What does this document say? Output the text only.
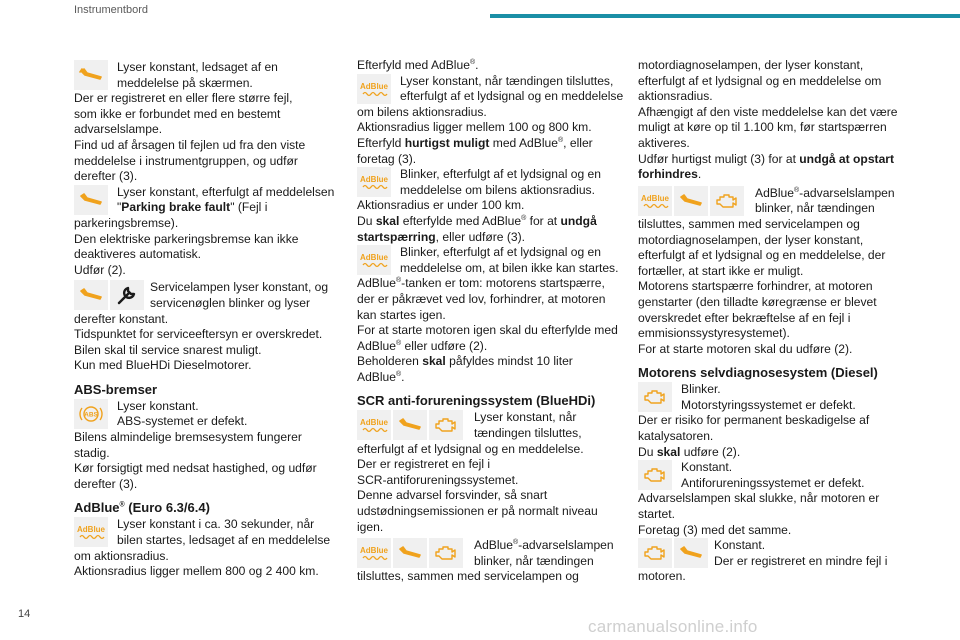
Instrumentbord
Lyser konstant, ledsaget af en
meddelelse på skærmen.
Der er registreret en eller flere større fejl,
som ikke er forbundet med en bestemt
advarselslampe.
Find ud af årsagen til fejlen ud fra den viste
meddelelse i instrumentgruppen, og udfør
derefter (3).
Lyser konstant, efterfulgt af meddelelsen
"Parking brake fault" (Fejl i
parkeringsbremse).
Den elektriske parkeringsbremse kan ikke
deaktiveres automatisk.
Udfør (2).
Servicelampen lyser konstant, og
servicenøglen blinker og lyser
derefter konstant.
Tidspunktet for serviceeftersyn er overskredet.
Bilen skal til service snarest muligt.
Kun med BlueHDi Dieselmotorer.
ABS-bremser
ABS
Lyser konstant.
ABS-systemet er defekt.
Bilens almindelige bremsesystem fungerer
stadig.
Kør forsigtigt med nedsat hastighed, og udfør
derefter (3).
AdBlue® (Euro 6.3/6.4)
AdBlue Lyser konstant i ca. 30 sekunder, når
bilen startes, ledsaget af en meddelelse
om aktionsradius.
Aktionsradius ligger mellem 800 og 2 400 km.
Efterfyld med AdBlue®.
AdBlue Lyser konstant, når tændingen tilsluttes,
efterfulgt af et lydsignal og en meddelelse
om bilens aktionsradius.
Aktionsradius ligger mellem 100 og 800 km.
Efterfyld hurtigst muligt med AdBlue®, eller
foretag (3).
AdBlue Blinker, efterfulgt af et lydsignal og en
meddelelse om bilens aktionsradius.
Aktionsradius er under 100 km.
Du skal efterfylde med AdBlue® for at undgå
startspærring, eller udføre (3).
AdBlue Blinker, efterfulgt af et lydsignal og en
meddelelse om, at bilen ikke kan startes.
AdBlue®-tanken er tom: motorens startspærre,
der er påkrævet ved lov, forhindrer, at motoren
kan startes igen.
For at starte motoren igen skal du efterfylde med
AdBlue® eller udføre (2).
Beholderen skal påfyldes mindst 10 liter
AdBlue®.
SCR anti-forureningssystem (BlueHDi)
AdBlue	Lyser konstant, når
tændingen tilsluttes,
efterfulgt af et lydsignal og en meddelelse.
Der er registreret en fejl i
SCR-antiforureningssystemet.
Denne advarsel forsvinder, så snart
udstødningsemissionen er på normalt niveau
igen.
AdBlue	AdBlue®-advarselslampen
blinker, når tændingen
tilsluttes, sammen med servicelampen og
motordiagnoselampen, der lyser konstant,
efterfulgt af et lydsignal og en meddelelse om
aktionsradius.
Afhængigt af den viste meddelelse kan det være
muligt at køre op til 1.100 km, før startspærren
aktiveres.
Udfør hurtigst muligt (3) for at undgå at opstart
forhindres.
AdBlue	AdBlue®-advarselslampen
blinker, når tændingen
tilsluttes, sammen med servicelampen og
motordiagnoselampen, der lyser konstant,
efterfulgt af et lydsignal og en meddelelse, der
fortæller, at start ikke er muligt.
Motorens startspærre forhindrer, at motoren
genstarter (den tilladte køregrænse er blevet
overskredet efter bekræftelse af en fejl i
emmisionssystyresystemet).
For at starte motoren skal du udføre (2).
Motorens selvdiagnosesystem (Diesel)
Blinker.
Motorstyringssystemet er defekt.
Der er risiko for permanent beskadigelse af
katalysatoren.
Du skal udføre (2).
Konstant.
Antiforureningssystemet er defekt.
Advarselslampen skal slukke, når motoren er
startet.
Foretag (3) med det samme.
Konstant.
Der er registreret en mindre fejl i
motoren.
14
carmanualsonline.info
